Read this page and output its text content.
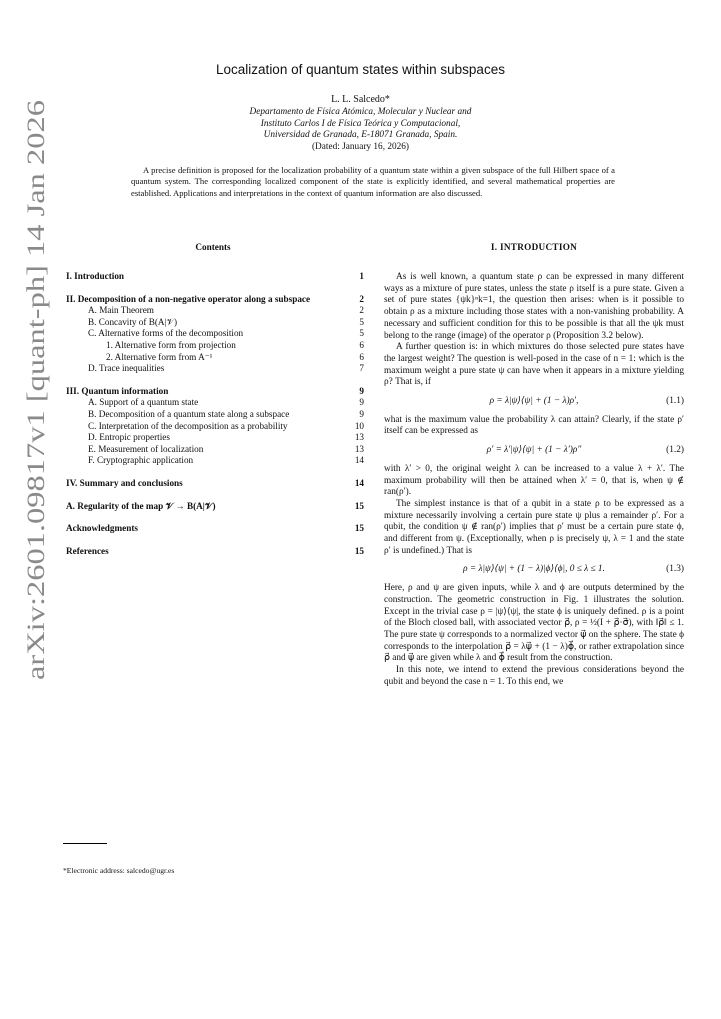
arXiv:2601.09817v1 [quant-ph] 14 Jan 2026
Localization of quantum states within subspaces
L. L. Salcedo*
Departamento de Física Atómica, Molecular y Nuclear and
Instituto Carlos I de Física Teórica y Computacional,
Universidad de Granada, E-18071 Granada, Spain.
(Dated: January 16, 2026)
A precise definition is proposed for the localization probability of a quantum state within a given subspace of the full Hilbert space of a quantum system. The corresponding localized component of the state is explicitly identified, and several mathematical properties are established. Applications and interpretations in the context of quantum information are also discussed.
Contents	I. INTRODUCTION
I. Introduction	1
II. Decomposition of a non-negative operator along a subspace	2
A. Main Theorem	2
B. Concavity of B(A|𝒱)	5
C. Alternative forms of the decomposition	5
1. Alternative form from projection	6
2. Alternative form from A⁻¹	6
D. Trace inequalities	7
III. Quantum information	9
A. Support of a quantum state	9
B. Decomposition of a quantum state along a subspace	9
C. Interpretation of the decomposition as a probability	10
D. Entropic properties	13
E. Measurement of localization	13
F. Cryptographic application	14
IV. Summary and conclusions	14
A. Regularity of the map 𝒱 → B(A|𝒱)	15
Acknowledgments	15
References	15

As is well known, a quantum state ρ can be expressed in many different ways as a mixture of pure states, unless the state ρ itself is a pure state. Given a set of pure states {ψk}ⁿk=1, the question then arises: when is it possible to obtain ρ as a mixture including those states with a non-vanishing probability. A necessary and sufficient condition for this to be possible is that all the ψk must belong to the range (image) of the operator ρ (Proposition 3.2 below).

A further question is: in which mixtures do those selected pure states have the largest weight? The question is well-posed in the case of n = 1: which is the maximum weight a pure state ψ can have when it appears in a mixture yielding ρ? That is, if

ρ = λ|ψ⟩⟨ψ| + (1 − λ)ρ′,	(1.1)

what is the maximum value the probability λ can attain? Clearly, if the state ρ′ itself can be expressed as

ρ′ = λ′|ψ⟩⟨ψ| + (1 − λ′)ρ″	(1.2)

with λ′ > 0, the original weight λ can be increased to a value λ + λ′. The maximum probability will then be attained when λ′ = 0, that is, when ψ ∉ ran(ρ′).

The simplest instance is that of a qubit in a state ρ to be expressed as a mixture necessarily involving a certain pure state ψ plus a remainder ρ′. For a qubit, the condition ψ ∉ ran(ρ′) implies that ρ′ must be a certain pure state ϕ, and different from ψ. (Exceptionally, when ρ is precisely ψ, λ = 1 and the state ρ′ is undefined.) That is

ρ = λ|ψ⟩⟨ψ| + (1 − λ)|ϕ⟩⟨ϕ|, 0 ≤ λ ≤ 1.	(1.3)

Here, ρ and ψ are given inputs, while λ and ϕ are outputs determined by the construction. The geometric construction in Fig. 1 illustrates the solution. Except in the trivial case ρ = |ψ⟩⟨ψ|, the state ϕ is uniquely defined. ρ is a point of the Bloch closed ball, with associated vector ρ⃗, ρ = ½(I + ρ⃗·σ⃗), with ‖ρ⃗‖ ≤ 1. The pure state ψ corresponds to a normalized vector ψ⃗ on the sphere. The state ϕ corresponds to the interpolation ρ⃗ = λψ⃗ + (1 − λ)ϕ⃗, or rather extrapolation since ρ⃗ and ψ⃗ are given while λ and ϕ⃗ result from the construction.

In this note, we intend to extend the previous considerations beyond the qubit and beyond the case n = 1. To this end, we

*Electronic address: salcedo@ugr.es
